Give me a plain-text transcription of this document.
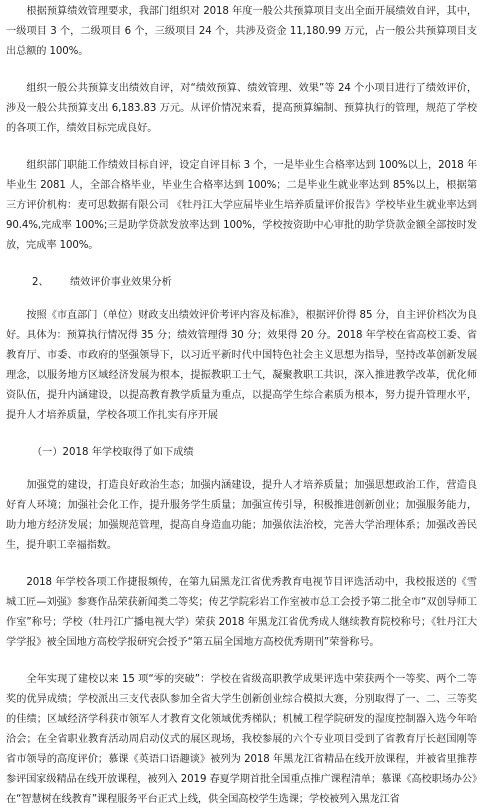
根据预算绩效管理要求，我部门组织对 2018 年度一般公共预算项目支出全面开展绩效自评，其中，一级项目 3 个，二级项目 6 个，三级项目 24 个，共涉及资金 11,180.99 万元，占一般公共预算项目支出总额的 100%。

组织一般公共预算支出绩效自评，对“绩效预算、绩效管理、效果”等 24 个小项目进行了绩效评价，涉及一般公共预算支出 6,183.83 万元。从评价情况来看，提高预算编制、预算执行的管理，规范了学校的各项工作，绩效目标完成良好。

组织部门职能工作绩效目标自评，设定自评目标 3 个，一是毕业生合格率达到 100%以上，2018 年毕业生 2081 人，全部合格毕业，毕业生合格率达到 100%；二是毕业生就业率达到 85%以上，根据第三方评价机构：麦可思数据有限公司 《牡丹江大学应届毕业生培养质量评价报告》学校毕业生就业率达到 90.4%,完成率 100%;三是助学贷款发放率达到 100%，学校按资助中心审批的助学贷款金额全部按时发放，完成率 100%。

2、 绩效评价事业效果分析

按照《市直部门（单位）财政支出绩效评价考评内容及标准》，根据评价得 85 分，自主评价档次为良好。具体为：预算执行情况得 35 分；绩效管理得 30 分；效果得 20 分。2018 年学校在省高校工委、省教育厅、市委、市政府的坚强领导下，以习近平新时代中国特色社会主义思想为指导，坚持改革创新发展理念，以服务地方区域经济发展为根本，提振教职工士气，凝聚教职工共识，深入推进教学改革，优化师资队伍，提升内涵建设，以提高教育教学质量为重点，以提高学生综合素质为根本，努力提升管理水平，提升人才培养质量，学校各项工作扎实有序开展

（一）2018 年学校取得了如下成绩

加强党的建设，打造良好政治生态；加强内涵建设，提升人才培养质量；加强思想政治工作，营造良好育人环境；加强社会化工作，提升服务学生质量；加强宣传引导，积极推进创新创业；加强服务能力，助力地方经济发展；加强规范管理，提高自身造血功能；加强依法治校，完善大学治理体系；加强改善民生，提升职工幸福指数。

2018 年学校各项工作捷报频传，在第九届黑龙江省优秀教育电视节目评选活动中，我校报送的《雪城工匠—刘强》参赛作品荣获新闻类二等奖；传艺学院彩岩工作室被市总工会授予第二批全市“双创导师工作室”称号；学校（牡丹江广播电视大学）荣获 2018 年黑龙江省优秀成人继续教育院校称号；《牡丹江大学学报》被全国地方高校学报研究会授予“第五届全国地方高校优秀期刊”荣誉称号。

全年实现了建校以来 15 项“零的突破”：学校在省级高职教学成果评选中荣获两个一等奖、两个二等奖的优异成绩；学校派出三支代表队参加全省大学生创新创业综合模拟大赛，分别取得了一、二、三等奖的佳绩；区域经济学科获市领军人才教育文化领域优秀梯队；机械工程学院研发的湿度控制器入选今年哈洽会；在全省职业教育活动周启动仪式的展区现场，我校参展的六个专业项目受到了省教育厅长赵国刚等省市领导的高度评价；慕课《英语口语趣谈》被列为 2018 年黑龙江省精品在线开放课程，并被省里推荐参评国家级精品在线开放课程，被列入 2019 春夏学期首批全国重点推广课程清单；慕课《高校职场办公》在“智慧树在线教育”课程服务平台正式上线，供全国高校学生选课；学校被列入黑龙江省
